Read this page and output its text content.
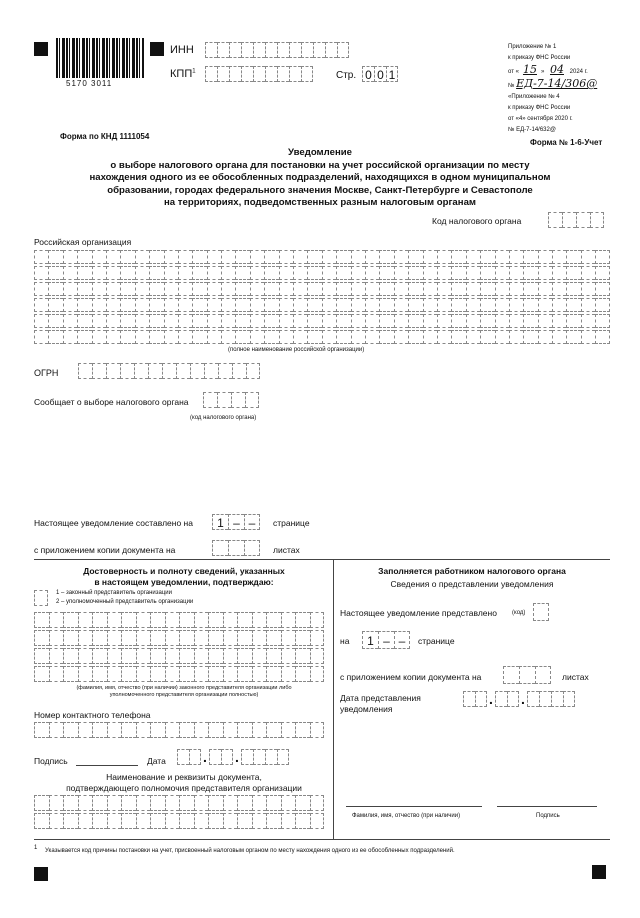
5170 3011
ИНН
КПП$^1$	Стр. 0 0 1
Приложение № 1
к приказу ФНС России
от « 15 » 04 2024 г.
№ ЕД-7-14/306@
«Приложение № 4
к приказу ФНС России
от «4» сентября 2020 г.
№ ЕД-7-14/632@
Форма по КНД 1111054
Форма № 1-6-Учет
Уведомление
о выборе налогового органа для постановки на учет российской организации по месту
нахождения одного из ее обособленных подразделений, находящихся в одном муниципальном
образовании, городах федерального значения Москве, Санкт-Петербурге и Севастополе
на территориях, подведомственных разным налоговым органам
Код налогового органа
Российская организация
(полное наименование российской организации)
ОГРН
Сообщает о выборе налогового органа
(код налогового органа)
Настоящее уведомление составлено на	1 – –	странице
с приложением копии документа на	листах
Достоверность и полноту сведений, указанных
в настоящем уведомлении, подтверждаю:
1 – законный представитель организации
2 – уполномоченный представитель организации
(фамилия, имя, отчество (при наличии) законного представителя организации либо
уполномоченного представителя организации полностью)
Номер контактного телефона
Подпись	Дата	. .
Наименование и реквизиты документа,
подтверждающего полномочия представителя организации
Заполняется работником налогового органа
Сведения о представлении уведомления
Настоящее уведомление представлено	(код)
на	1 – –	странице
с приложением копии документа на	листах
Дата представления
уведомления
. .
Фамилия, имя, отчество (при наличии)	Подпись
$^1$ Указывается код причины постановки на учет, присвоенный налоговым органом по месту нахождения одного из ее обособленных подразделений.
